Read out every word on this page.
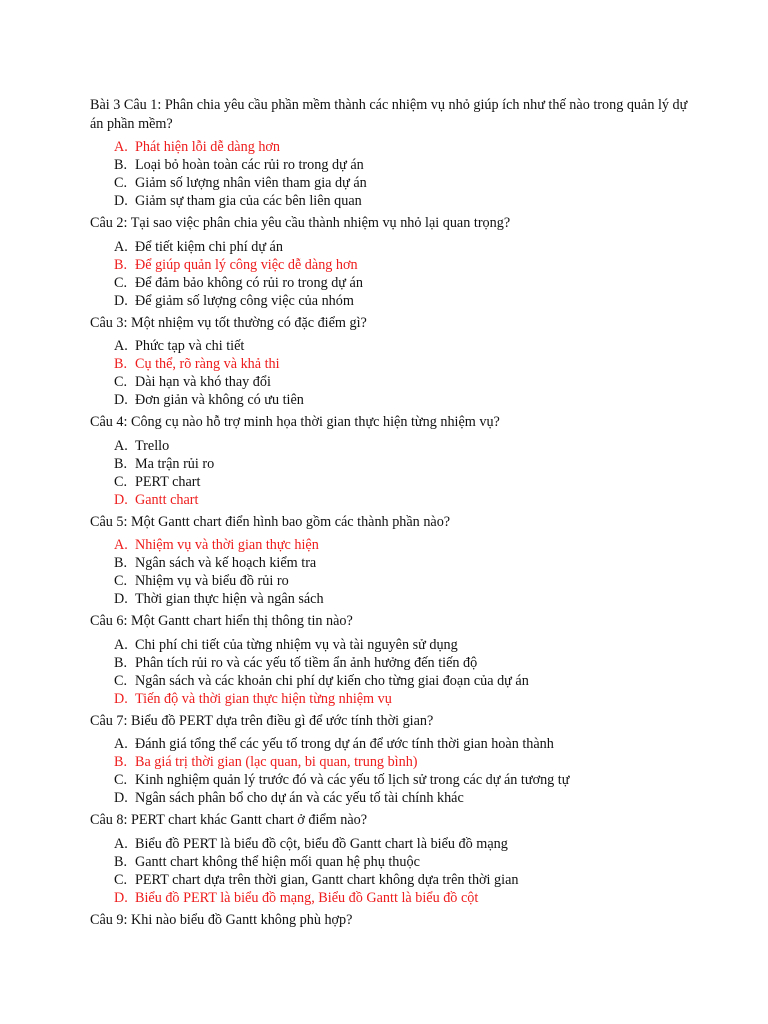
Bài 3 Câu 1: Phân chia yêu cầu phần mềm thành các nhiệm vụ nhỏ giúp ích như thế nào trong quản lý dự án phần mềm?

A. Phát hiện lỗi dễ dàng hơn
B. Loại bỏ hoàn toàn các rủi ro trong dự án
C. Giảm số lượng nhân viên tham gia dự án
D. Giảm sự tham gia của các bên liên quan

Câu 2: Tại sao việc phân chia yêu cầu thành nhiệm vụ nhỏ lại quan trọng?

A. Để tiết kiệm chi phí dự án
B. Để giúp quản lý công việc dễ dàng hơn
C. Để đảm bảo không có rủi ro trong dự án
D. Để giảm số lượng công việc của nhóm

Câu 3: Một nhiệm vụ tốt thường có đặc điểm gì?

A. Phức tạp và chi tiết
B. Cụ thể, rõ ràng và khả thi
C. Dài hạn và khó thay đổi
D. Đơn giản và không có ưu tiên

Câu 4: Công cụ nào hỗ trợ minh họa thời gian thực hiện từng nhiệm vụ?

A. Trello
B. Ma trận rủi ro
C. PERT chart
D. Gantt chart

Câu 5: Một Gantt chart điển hình bao gồm các thành phần nào?

A. Nhiệm vụ và thời gian thực hiện
B. Ngân sách và kế hoạch kiểm tra
C. Nhiệm vụ và biểu đồ rủi ro
D. Thời gian thực hiện và ngân sách

Câu 6: Một Gantt chart hiển thị thông tin nào?

A. Chi phí chi tiết của từng nhiệm vụ và tài nguyên sử dụng
B. Phân tích rủi ro và các yếu tố tiềm ẩn ảnh hưởng đến tiến độ
C. Ngân sách và các khoản chi phí dự kiến cho từng giai đoạn của dự án
D. Tiến độ và thời gian thực hiện từng nhiệm vụ

Câu 7: Biểu đồ PERT dựa trên điều gì để ước tính thời gian?

A. Đánh giá tổng thể các yếu tố trong dự án để ước tính thời gian hoàn thành
B. Ba giá trị thời gian (lạc quan, bi quan, trung bình)
C. Kinh nghiệm quản lý trước đó và các yếu tố lịch sử trong các dự án tương tự
D. Ngân sách phân bổ cho dự án và các yếu tố tài chính khác

Câu 8: PERT chart khác Gantt chart ở điểm nào?

A. Biểu đồ PERT là biểu đồ cột, biểu đồ Gantt chart là biểu đồ mạng
B. Gantt chart không thể hiện mối quan hệ phụ thuộc
C. PERT chart dựa trên thời gian, Gantt chart không dựa trên thời gian
D. Biểu đồ PERT là biểu đồ mạng, Biểu đồ Gantt là biểu đồ cột

Câu 9: Khi nào biểu đồ Gantt không phù hợp?
